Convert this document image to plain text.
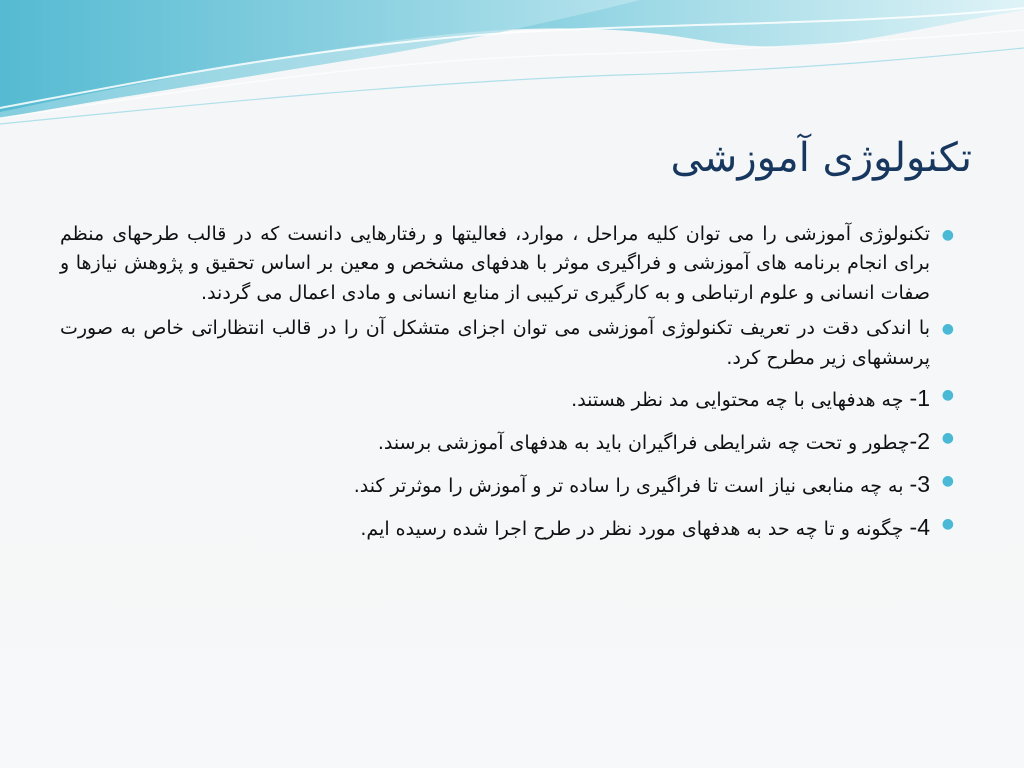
تکنولوژی آموزشی
●
تکنولوژی آموزشی را می توان کلیه مراحل ، موارد، فعالیتها و رفتارهایی دانست که در قالب طرحهای منظم برای انجام برنامه های آموزشی و فراگیری موثر با هدفهای مشخص و معین بر اساس تحقیق و پژوهش نیازها و صفات انسانی و علوم ارتباطی و به کارگیری ترکیبی از منابع انسانی و مادی اعمال می گردند.
●
با اندکی دقت در تعریف تکنولوژی آموزشی می توان اجزای متشکل آن را در قالب انتظاراتی خاص به صورت پرسشهای زیر مطرح کرد.
●
1- چه هدفهایی با چه محتوایی مد نظر هستند.
●
2-چطور و تحت چه شرایطی فراگیران باید به هدفهای آموزشی برسند.
●
3- به چه منابعی نیاز است تا فراگیری را ساده تر و آموزش را موثرتر کند.
●
4- چگونه و تا چه حد به هدفهای مورد نظر در طرح اجرا شده رسیده ایم.
